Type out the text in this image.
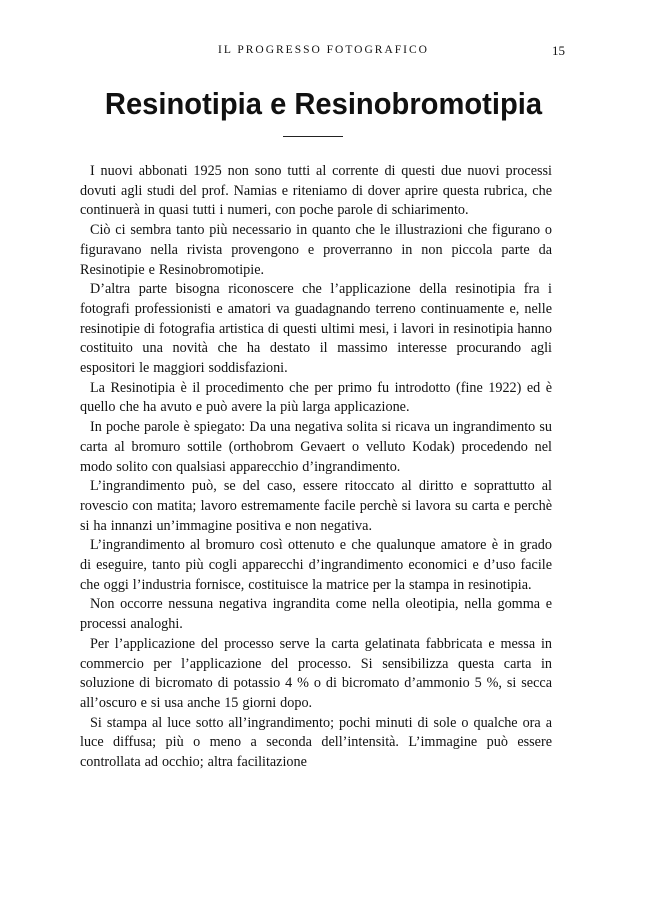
IL PROGRESSO FOTOGRAFICO	15
Resinotipia e Resinobromotipia

I nuovi abbonati 1925 non sono tutti al corrente di questi due nuovi processi dovuti agli studi del prof. Namias e riteniamo di dover aprire questa rubrica, che continuerà in quasi tutti i numeri, con poche parole di schiarimento.

Ciò ci sembra tanto più necessario in quanto che le illustrazioni che figurano o figuravano nella rivista provengono e proverranno in non piccola parte da Resinotipie e Resinobromotipie.

D’altra parte bisogna riconoscere che l’applicazione della resinotipia fra i fotografi professionisti e amatori va guadagnando terreno continuamente e, nelle resinotipie di fotografia artistica di questi ultimi mesi, i lavori in resinotipia hanno costituito una novità che ha destato il massimo interesse procurando agli espositori le maggiori soddisfazioni.

La Resinotipia è il procedimento che per primo fu introdotto (fine 1922) ed è quello che ha avuto e può avere la più larga applicazione.

In poche parole è spiegato: Da una negativa solita si ricava un ingrandimento su carta al bromuro sottile (orthobrom Gevaert o velluto Kodak) procedendo nel modo solito con qualsiasi apparecchio d’ingrandimento.

L’ingrandimento può, se del caso, essere ritoccato al diritto e soprattutto al rovescio con matita; lavoro estremamente facile perchè si lavora su carta e perchè si ha innanzi un’immagine positiva e non negativa.

L’ingrandimento al bromuro così ottenuto e che qualunque amatore è in grado di eseguire, tanto più cogli apparecchi d’ingrandimento economici e d’uso facile che oggi l’industria fornisce, costituisce la matrice per la stampa in resinotipia.

Non occorre nessuna negativa ingrandita come nella oleotipia, nella gomma e processi analoghi.

Per l’applicazione del processo serve la carta gelatinata fabbricata e messa in commercio per l’applicazione del processo. Si sensibilizza questa carta in soluzione di bicromato di potassio 4 % o di bicromato d’ammonio 5 %, si secca all’oscuro e si usa anche 15 giorni dopo.

Si stampa al luce sotto all’ingrandimento; pochi minuti di sole o qualche ora a luce diffusa; più o meno a seconda dell’intensità. L’immagine può essere controllata ad occhio; altra facilitazione
